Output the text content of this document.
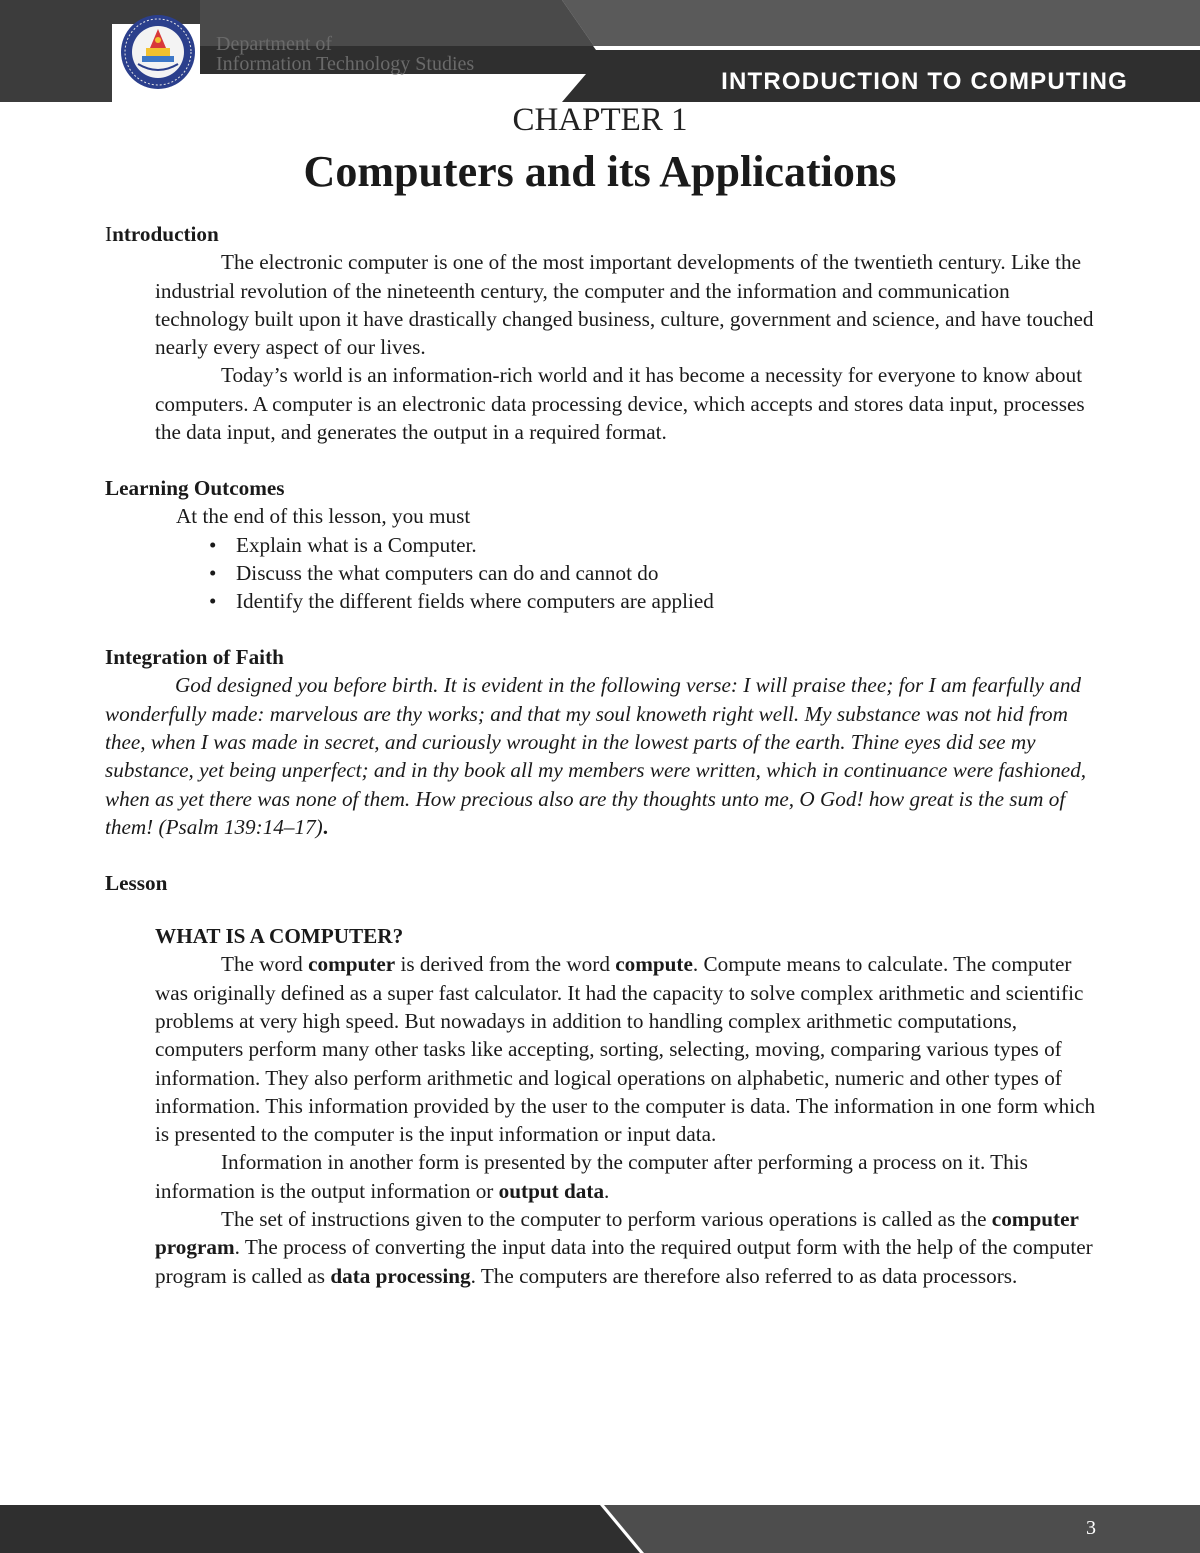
Department of
Information Technology Studies
INTRODUCTION TO COMPUTING
CHAPTER 1
Computers and its Applications

Introduction

The electronic computer is one of the most important developments of the twentieth century. Like the industrial revolution of the nineteenth century, the computer and the information and communication technology built upon it have drastically changed business, culture, government and science, and have touched nearly every aspect of our lives.

Today’s world is an information-rich world and it has become a necessity for everyone to know about computers. A computer is an electronic data processing device, which accepts and stores data input, processes the data input, and generates the output in a required format.

Learning Outcomes

At the end of this lesson, you must

• Explain what is a Computer.
• Discuss the what computers can do and cannot do
• Identify the different fields where computers are applied

Integration of Faith

God designed you before birth. It is evident in the following verse: I will praise thee; for I am fearfully and wonderfully made: marvelous are thy works; and that my soul knoweth right well. My substance was not hid from thee, when I was made in secret, and curiously wrought in the lowest parts of the earth. Thine eyes did see my substance, yet being unperfect; and in thy book all my members were written, which in continuance were fashioned, when as yet there was none of them. How precious also are thy thoughts unto me, O God! how great is the sum of them! (Psalm 139:14–17).

Lesson

WHAT IS A COMPUTER?

The word computer is derived from the word compute. Compute means to calculate. The computer was originally defined as a super fast calculator. It had the capacity to solve complex arithmetic and scientific problems at very high speed. But nowadays in addition to handling complex arithmetic computations, computers perform many other tasks like accepting, sorting, selecting, moving, comparing various types of information. They also perform arithmetic and logical operations on alphabetic, numeric and other types of information. This information provided by the user to the computer is data. The information in one form which is presented to the computer is the input information or input data.

Information in another form is presented by the computer after performing a process on it. This information is the output information or output data.

The set of instructions given to the computer to perform various operations is called as the computer program. The process of converting the input data into the required output form with the help of the computer program is called as data processing. The computers are therefore also referred to as data processors.

3
